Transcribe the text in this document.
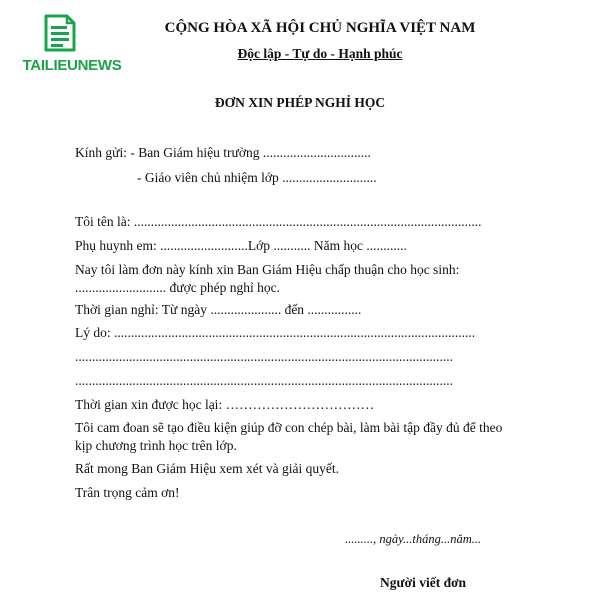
TAILIEUNEWS
CỘNG HÒA XÃ HỘI CHỦ NGHĨA VIỆT NAM
Độc lập - Tự do - Hạnh phúc
ĐƠN XIN PHÉP NGHỈ HỌC
Kính gửi: - Ban Giám hiệu trường ................................
- Giáo viên chủ nhiệm lớp ............................
Tôi tên là: .......................................................................................................
Phụ huynh em: ..........................Lớp ........... Năm học ............
Nay tôi làm đơn này kính xin Ban Giám Hiệu chấp thuận cho học sinh:
........................... được phép nghỉ học.
Thời gian nghỉ: Từ ngày ..................... đến ................
Lý do: ...........................................................................................................
................................................................................................................
................................................................................................................
Thời gian xin được học lại: ……………………………
Tôi cam đoan sẽ tạo điều kiện giúp đỡ con chép bài, làm bài tập đầy đủ để theo
kịp chương trình học trên lớp.
Rất mong Ban Giám Hiệu xem xét và giải quyết.
Trân trọng cảm ơn!
........., ngày...tháng...năm...
Người viết đơn
